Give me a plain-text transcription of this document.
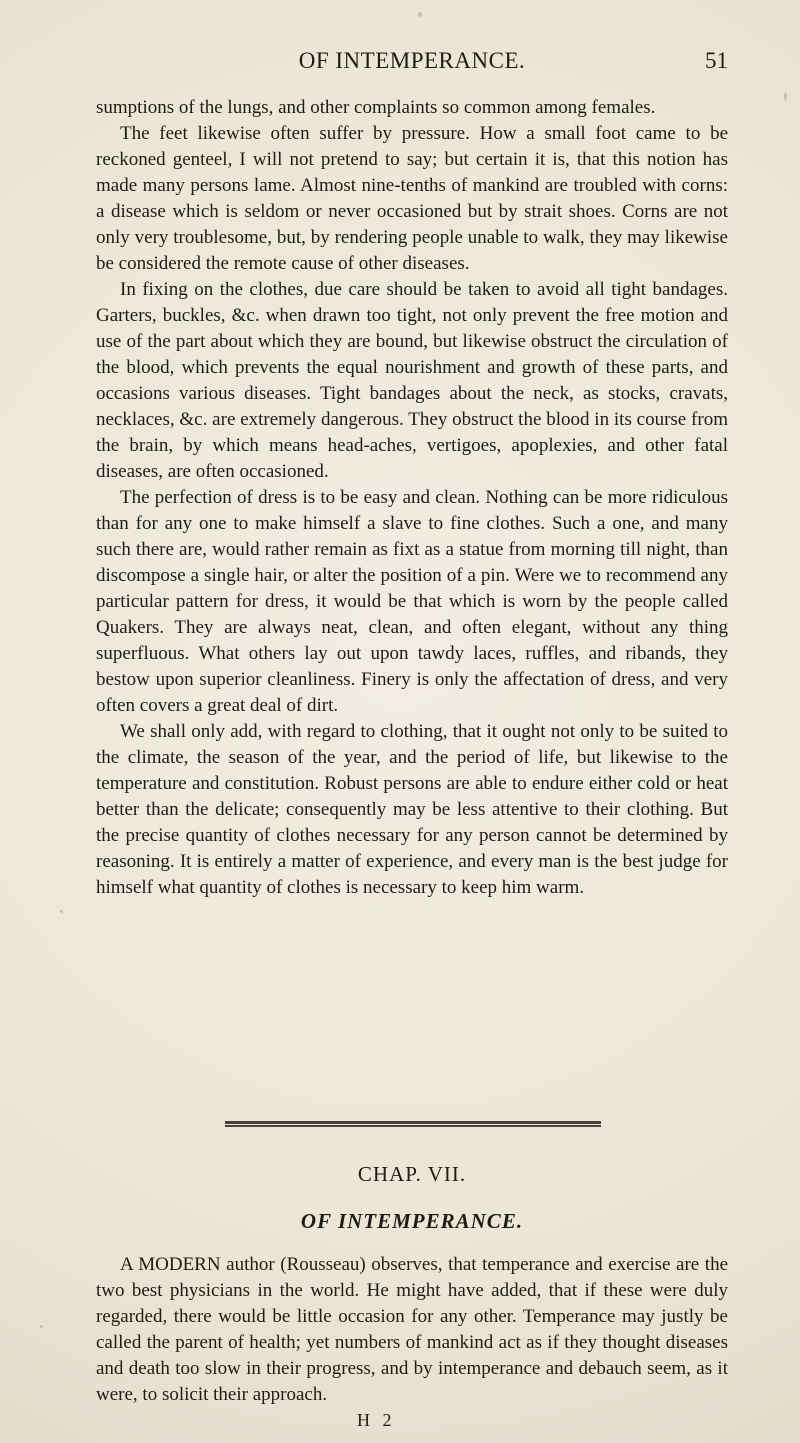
OF INTEMPERANCE.	51

sumptions of the lungs, and other complaints so common among females.

The feet likewise often suffer by pressure. How a small foot came to be reckoned genteel, I will not pretend to say; but certain it is, that this notion has made many persons lame. Almost nine-tenths of mankind are troubled with corns: a disease which is seldom or never occasioned but by strait shoes. Corns are not only very troublesome, but, by rendering people unable to walk, they may likewise be considered the remote cause of other diseases.

In fixing on the clothes, due care should be taken to avoid all tight bandages. Garters, buckles, &c. when drawn too tight, not only prevent the free motion and use of the part about which they are bound, but likewise obstruct the circulation of the blood, which prevents the equal nourishment and growth of these parts, and occasions various diseases. Tight bandages about the neck, as stocks, cravats, necklaces, &c. are extremely dangerous. They obstruct the blood in its course from the brain, by which means head-aches, vertigoes, apoplexies, and other fatal diseases, are often occasioned.

The perfection of dress is to be easy and clean. Nothing can be more ridiculous than for any one to make himself a slave to fine clothes. Such a one, and many such there are, would rather remain as fixt as a statue from morning till night, than discompose a single hair, or alter the position of a pin. Were we to recommend any particular pattern for dress, it would be that which is worn by the people called Quakers. They are always neat, clean, and often elegant, without any thing superfluous. What others lay out upon tawdy laces, ruffles, and ribands, they bestow upon superior cleanliness. Finery is only the affectation of dress, and very often covers a great deal of dirt.

We shall only add, with regard to clothing, that it ought not only to be suited to the climate, the season of the year, and the period of life, but likewise to the temperature and constitution. Robust persons are able to endure either cold or heat better than the delicate; consequently may be less attentive to their clothing. But the precise quantity of clothes necessary for any person cannot be determined by reasoning. It is entirely a matter of experience, and every man is the best judge for himself what quantity of clothes is necessary to keep him warm.

CHAP. VII.
OF INTEMPERANCE.

A MODERN author (Rousseau) observes, that temperance and exercise are the two best physicians in the world. He might have added, that if these were duly regarded, there would be little occasion for any other. Temperance may justly be called the parent of health; yet numbers of mankind act as if they thought diseases and death too slow in their progress, and by intemperance and debauch seem, as it were, to solicit their approach.

H 2
